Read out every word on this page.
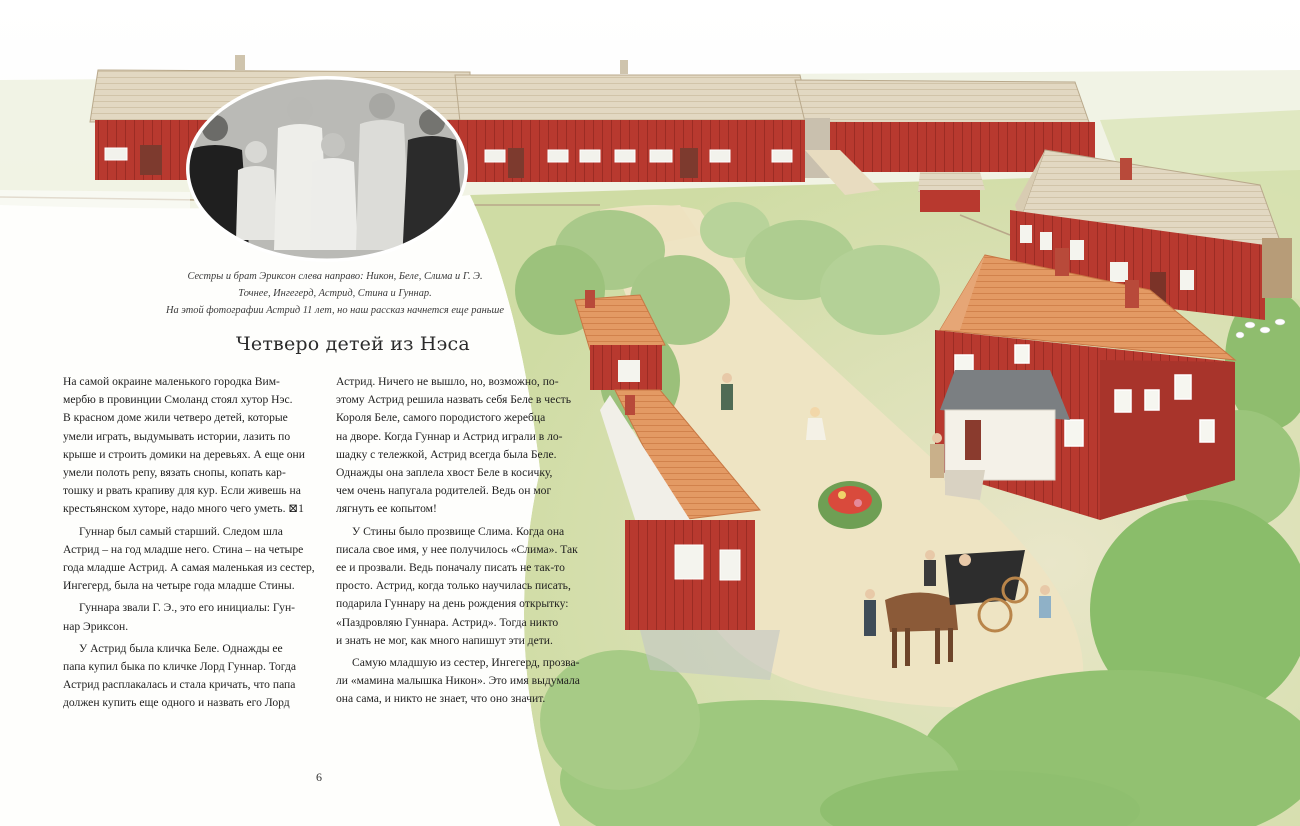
Сестры и брат Эриксон слева направо: Никон, Беле, Слима и Г. Э.
Точнее, Ингегерд, Астрид, Стина и Гуннар.
На этой фотографии Астрид 11 лет, но наш рассказ начнется еще раньше
Четверо детей из Нэса

На самой окраине маленького городка Вим-

мербю в провинции Смоланд стоял хутор Нэс.

В красном доме жили четверо детей, которые

умели играть, выдумывать истории, лазить по

крыше и строить домики на деревьях. А еще они

умели полоть репу, вязать снопы, копать кар-

тошку и рвать крапиву для кур. Если живешь на

крестьянском хуторе, надо много чего уметь. ⊠1

Гуннар был самый старший. Следом шла

Астрид – на год младше него. Стина – на четыре

года младше Астрид. А самая маленькая из сестер,

Ингегерд, была на четыре года младше Стины.

Гуннара звали Г. Э., это его инициалы: Гун-

нар Эриксон.

У Астрид была кличка Беле. Однажды ее

папа купил быка по кличке Лорд Гуннар. Тогда

Астрид расплакалась и стала кричать, что папа

должен купить еще одного и назвать его Лорд

Астрид. Ничего не вышло, но, возможно, по-

этому Астрид решила назвать себя Беле в честь

Короля Беле, самого породистого жеребца

на дворе. Когда Гуннар и Астрид играли в ло-

шадку с тележкой, Астрид всегда была Беле.

Однажды она заплела хвост Беле в косичку,

чем очень напугала родителей. Ведь он мог

лягнуть ее копытом!

У Стины было прозвище Слима. Когда она

писала свое имя, у нее получилось «Слима». Так

ее и прозвали. Ведь поначалу писать не так-то

просто. Астрид, когда только научилась писать,

подарила Гуннару на день рождения открытку:

«Паздровляю Гуннара. Астрид». Тогда никто

и знать не мог, как много напишут эти дети.

Самую младшую из сестер, Ингегерд, прозва-

ли «мамина малышка Никон». Это имя выдумала

она сама, и никто не знает, что оно значит.

6
